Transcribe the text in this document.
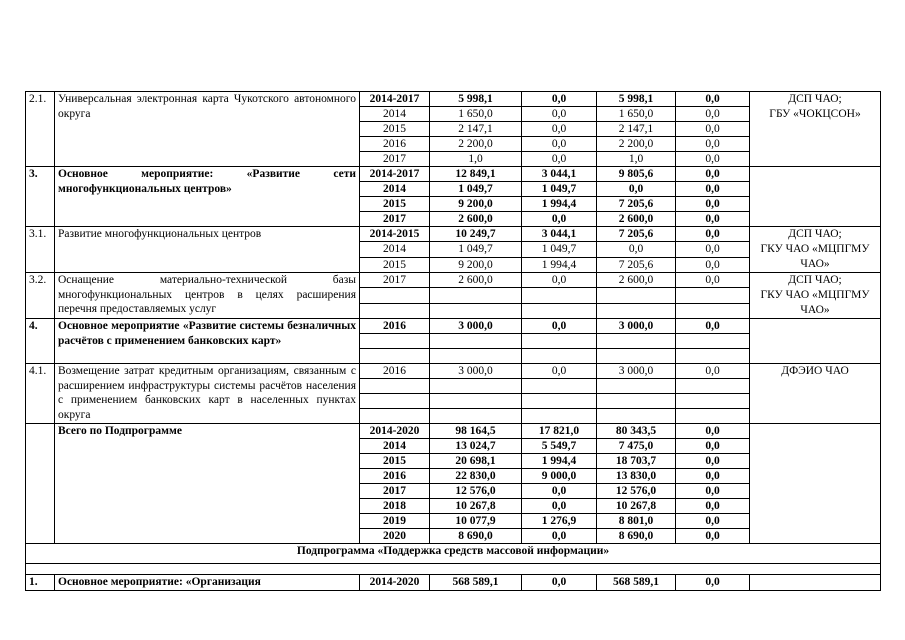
2.1.	Универсальная электронная карта Чукотского автономного округа	2014-2017	5 998,1	0,0	5 998,1	0,0	ДСП ЧАО;
ГБУ «ЧОКЦСОН»
		2014	1 650,0	0,0	1 650,0	0,0	
		2015	2 147,1	0,0	2 147,1	0,0	
		2016	2 200,0	0,0	2 200,0	0,0	
		2017	1,0	0,0	1,0	0,0	
3.	Основное мероприятие: «Развитие сети многофункциональных центров»	2014-2017	12 849,1	3 044,1	9 805,6	0,0	
		2014	1 049,7	1 049,7	0,0	0,0	
		2015	9 200,0	1 994,4	7 205,6	0,0	
		2017	2 600,0	0,0	2 600,0	0,0	
3.1.	Развитие многофункциональных центров	2014-2015	10 249,7	3 044,1	7 205,6	0,0	ДСП ЧАО;
ГКУ ЧАО «МЦПГМУ ЧАО»
		2014	1 049,7	1 049,7	0,0	0,0	
		2015	9 200,0	1 994,4	7 205,6	0,0	
3.2.	Оснащение материально-технической базы многофункциональных центров в целях расширения перечня предоставляемых услуг	2017	2 600,0	0,0	2 600,0	0,0	ДСП ЧАО;
ГКУ ЧАО «МЦПГМУ ЧАО»

4.	Основное мероприятие «Развитие системы безналичных расчётов с применением банковских карт»	2016	3 000,0	0,0	3 000,0	0,0	

4.1.	Возмещение затрат кредитным организациям, связанным с расширением инфраструктуры системы расчётов населения с применением банковских карт в населенных пунктах округа	2016	3 000,0	0,0	3 000,0	0,0	ДФЭИО ЧАО

	Всего по Подпрограмме	2014-2020	98 164,5	17 821,0	80 343,5	0,0	
		2014	13 024,7	5 549,7	7 475,0	0,0	
		2015	20 698,1	1 994,4	18 703,7	0,0	
		2016	22 830,0	9 000,0	13 830,0	0,0	
		2017	12 576,0	0,0	12 576,0	0,0	
		2018	10 267,8	0,0	10 267,8	0,0	
		2019	10 077,9	1 276,9	8 801,0	0,0	
		2020	8 690,0	0,0	8 690,0	0,0	
Подпрограмма «Поддержка средств массовой информации»							

1.	Основное мероприятие: «Организация	2014-2020	568 589,1	0,0	568 589,1	0,0	
